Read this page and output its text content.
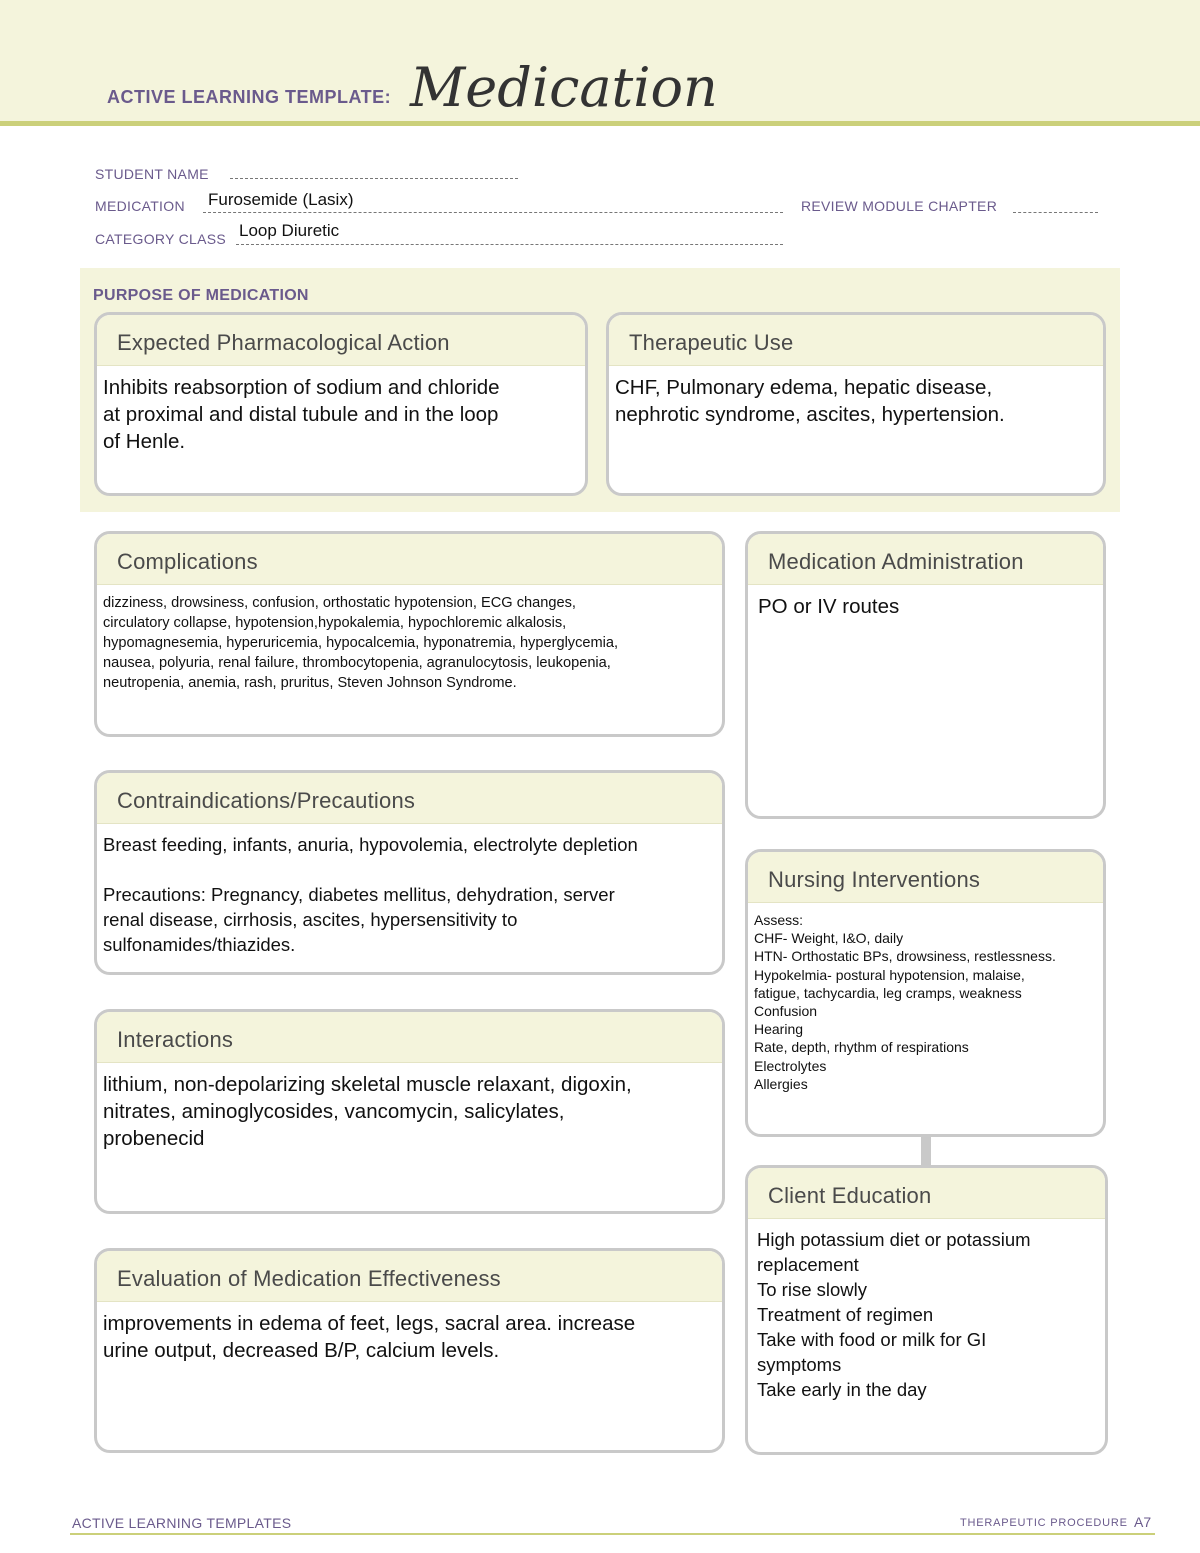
ACTIVE LEARNING TEMPLATE: Medication
STUDENT NAME
MEDICATION Furosemide (Lasix)	REVIEW MODULE CHAPTER
CATEGORY CLASS Loop Diuretic
PURPOSE OF MEDICATION
Expected Pharmacological Action
Inhibits reabsorption of sodium and chloride
at proximal and distal tubule and in the loop
of Henle.
Therapeutic Use
CHF, Pulmonary edema, hepatic disease,
nephrotic syndrome, ascites, hypertension.
Complications
dizziness, drowsiness, confusion, orthostatic hypotension, ECG changes,
circulatory collapse, hypotension,hypokalemia, hypochloremic alkalosis,
hypomagnesemia, hyperuricemia, hypocalcemia, hyponatremia, hyperglycemia,
nausea, polyuria, renal failure, thrombocytopenia, agranulocytosis, leukopenia,
neutropenia, anemia, rash, pruritus, Steven Johnson Syndrome.
Contraindications/Precautions
Breast feeding, infants, anuria, hypovolemia, electrolyte depletion

Precautions: Pregnancy, diabetes mellitus, dehydration, server
renal disease, cirrhosis, ascites, hypersensitivity to
sulfonamides/thiazides.
Interactions
lithium, non-depolarizing skeletal muscle relaxant, digoxin,
nitrates, aminoglycosides, vancomycin, salicylates,
probenecid
Evaluation of Medication Effectiveness
improvements in edema of feet, legs, sacral area. increase
urine output, decreased B/P, calcium levels.
Medication Administration
PO or IV routes
Nursing Interventions
Assess:
CHF- Weight, I&O, daily
HTN- Orthostatic BPs, drowsiness, restlessness.
Hypokelmia- postural hypotension, malaise,
fatigue, tachycardia, leg cramps, weakness
Confusion
Hearing
Rate, depth, rhythm of respirations
Electrolytes
Allergies
Client Education
High potassium diet or potassium
replacement
To rise slowly
Treatment of regimen
Take with food or milk for GI
symptoms
Take early in the day
ACTIVE LEARNING TEMPLATES	THERAPEUTIC PROCEDURE A7
